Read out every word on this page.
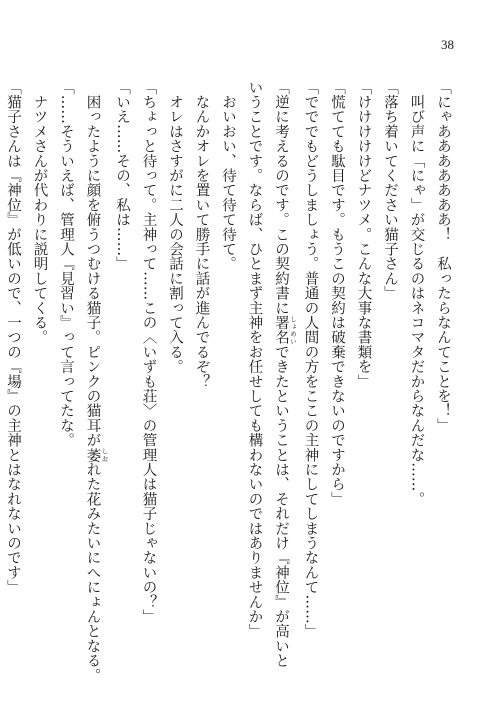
38
「にゃあああああああ！　私ったらなんてことを！」
　叫び声に「にゃ」が交じるのはネコマタだからなんだな……。
「落ち着いてください猫子さん」
「けけけけけどナツメ。こんな大事な書類を」
「慌てても駄目です。もうこの契約は破棄できないのですから」
「でででもどうしましょう。普通の人間の方をここの主神にしてしまうなんて……」
「逆に考えるのです。この契約書に署名 しょめいできたということは、それだけ『神位』が高いと
いうことです。ならば、ひとまず主神をお任せしても構わないのではありませんか」
　おいおい、待て待て待て。
　なんかオレを置いて勝手に話が進んでるぞ？
　オレはさすがに二人の会話に割って入る。
「ちょっと待って。主神って……この〈いずも荘〉の管理人は猫子じゃないの？」
「いえ……その、私は……」
　困ったように顔を俯うつむける猫子。ピンクの猫耳が萎 しおれた花みたいにへにょんとなる。
「……そういえば、管理人『見習い』って言ってたな。
　ナツメさんが代わりに説明してくる。
「猫子さんは『神位』が低いので、一つの『場』の主神とはなれないのです」
